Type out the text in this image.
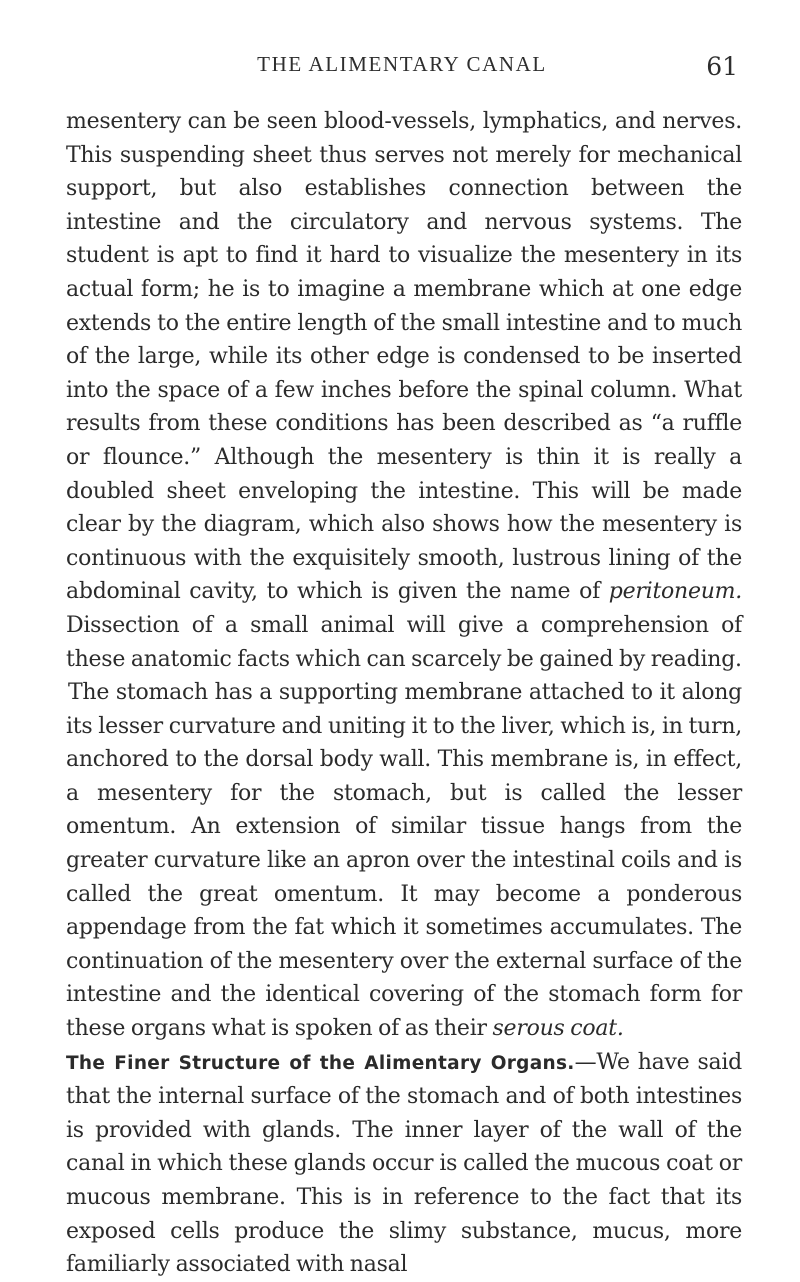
THE ALIMENTARY CANAL	61

mesentery can be seen blood-vessels, lymphatics, and nerves. This suspending sheet thus serves not merely for mechanical support, but also establishes connection between the intestine and the circulatory and nervous systems. The student is apt to find it hard to visualize the mesentery in its actual form; he is to imagine a membrane which at one edge extends to the entire length of the small intestine and to much of the large, while its other edge is condensed to be inserted into the space of a few inches before the spinal column. What results from these conditions has been described as “a ruffle or flounce.” Although the mesentery is thin it is really a doubled sheet enveloping the intestine. This will be made clear by the diagram, which also shows how the mesentery is continuous with the exquisitely smooth, lustrous lining of the abdominal cavity, to which is given the name of peritoneum. Dissection of a small animal will give a comprehension of these anatomic facts which can scarcely be gained by reading.

The stomach has a supporting membrane attached to it along its lesser curvature and uniting it to the liver, which is, in turn, anchored to the dorsal body wall. This membrane is, in effect, a mesentery for the stomach, but is called the lesser omentum. An extension of similar tissue hangs from the greater curvature like an apron over the intestinal coils and is called the great omentum. It may become a ponderous appendage from the fat which it sometimes accumulates. The continuation of the mesentery over the external surface of the intestine and the identical covering of the stomach form for these organs what is spoken of as their serous coat.

The Finer Structure of the Alimentary Organs.—We have said that the internal surface of the stomach and of both intestines is provided with glands. The inner layer of the wall of the canal in which these glands occur is called the mucous coat or mucous membrane. This is in reference to the fact that its exposed cells produce the slimy substance, mucus, more familiarly associated with nasal
